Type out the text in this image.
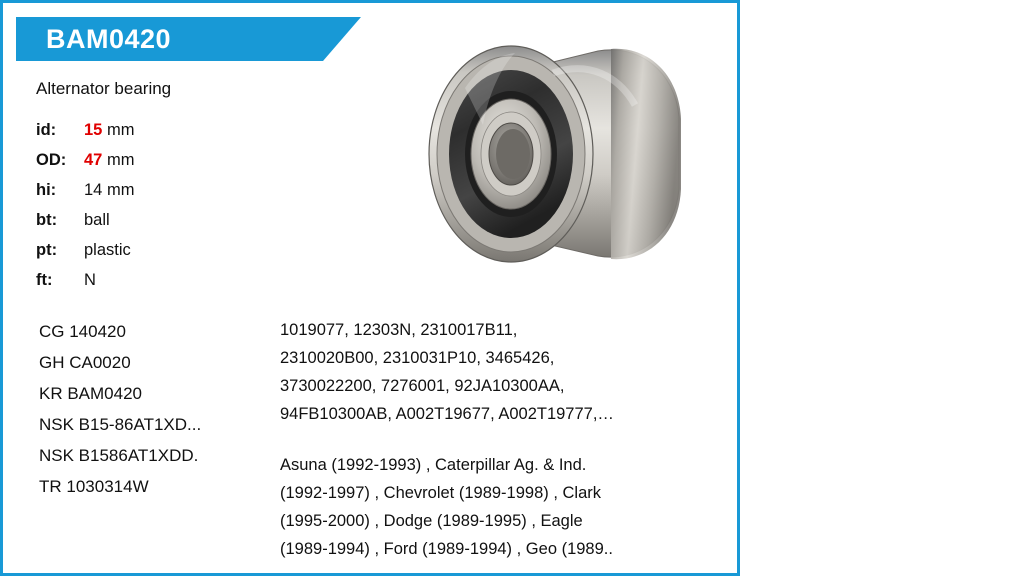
voltag
www.voltag.ru
BAM0420
Alternator bearing
id: 15 mm
OD: 47 mm
hi: 14 mm
bt: ball
pt: plastic
ft: N
CG 140420
GH CA0020
KR BAM0420
NSK B15-86AT1XD...
NSK B1586AT1XDD.
TR 1030314W
1019077, 12303N, 2310017B11,
2310020B00, 2310031P10, 3465426,
3730022200, 7276001, 92JA10300AA,
94FB10300AB, A002T19677, A002T19777,…
Asuna (1992-1993) , Caterpillar Ag. & Ind.
(1992-1997) , Chevrolet (1989-1998) , Clark
(1995-2000) , Dodge (1989-1995) , Eagle
(1989-1994) , Ford (1989-1994) , Geo (1989..
